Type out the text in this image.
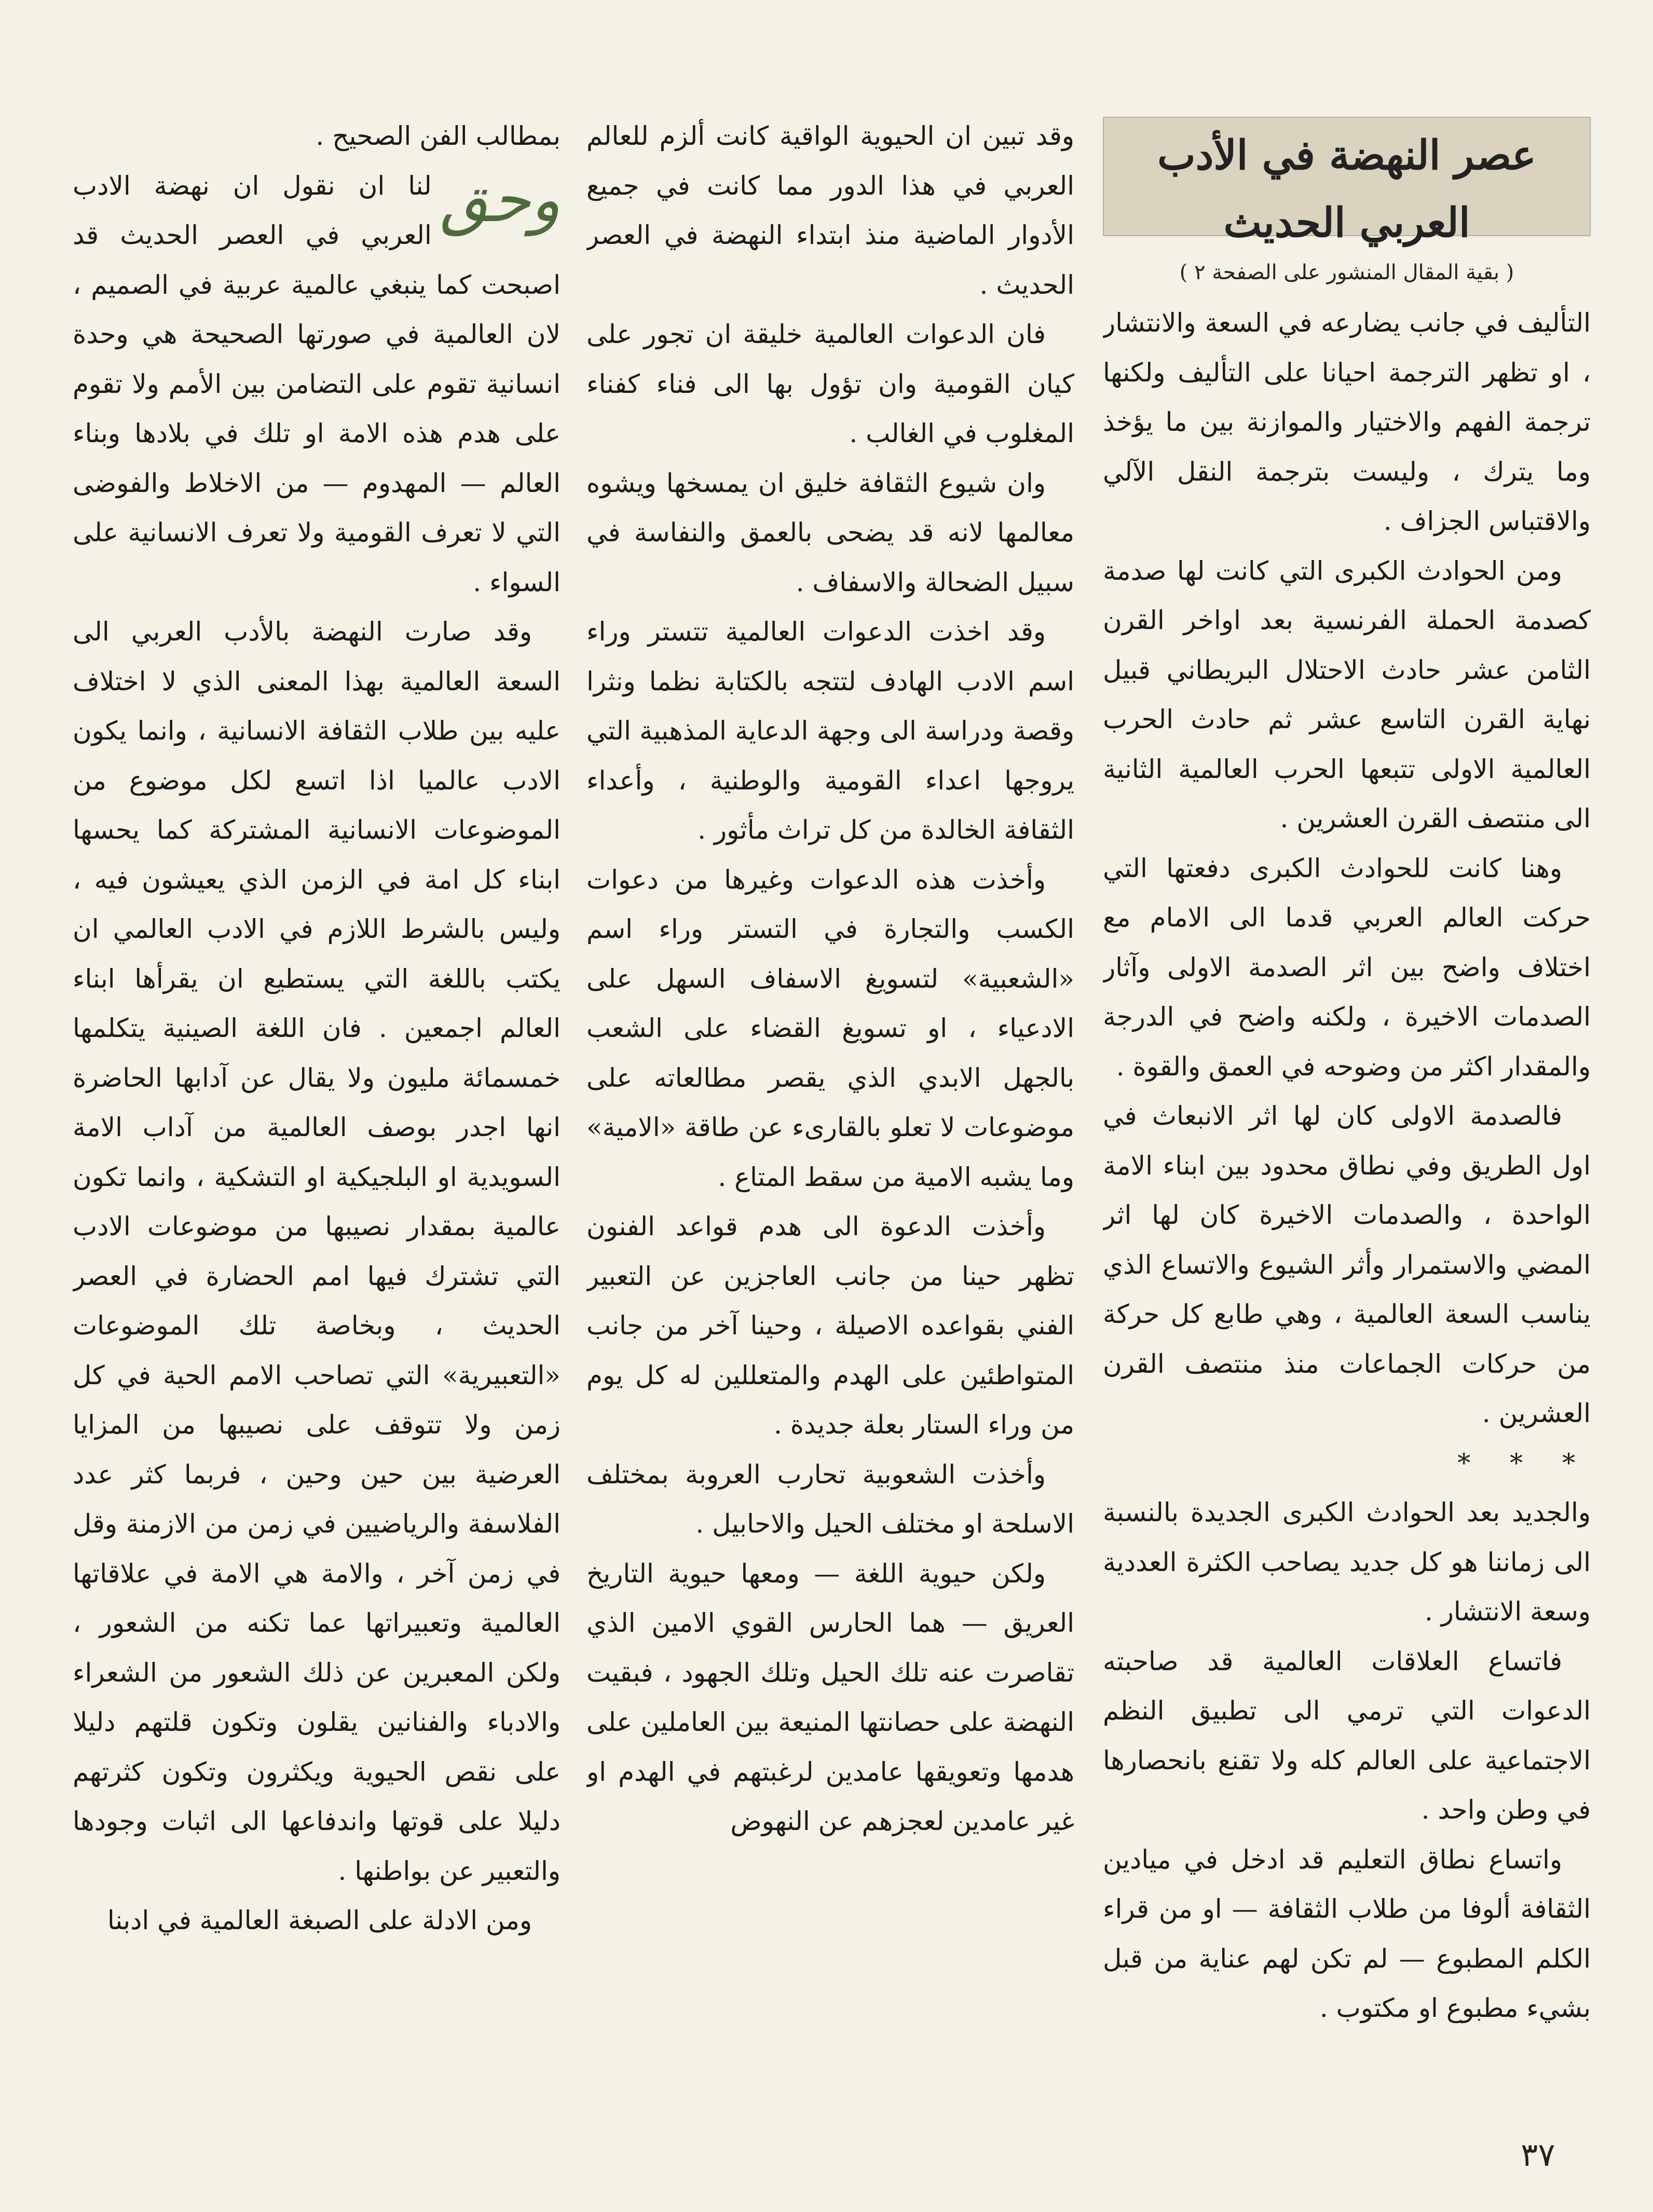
عصر النهضة في الأدب العربي الحديث
( بقية المقال المنشور على الصفحة ٢ )

التأليف في جانب يضارعه في السعة والانتشار ، او تظهر الترجمة احيانا على التأليف ولكنها ترجمة الفهم والاختيار والموازنة بين ما يؤخذ وما يترك ، وليست بترجمة النقل الآلي والاقتباس الجزاف .

ومن الحوادث الكبرى التي كانت لها صدمة كصدمة الحملة الفرنسية بعد اواخر القرن الثامن عشر حادث الاحتلال البريطاني قبيل نهاية القرن التاسع عشر ثم حادث الحرب العالمية الاولى تتبعها الحرب العالمية الثانية الى منتصف القرن العشرين .

وهنا كانت للحوادث الكبرى دفعتها التي حركت العالم العربي قدما الى الامام مع اختلاف واضح بين اثر الصدمة الاولى وآثار الصدمات الاخيرة ، ولكنه واضح في الدرجة والمقدار اكثر من وضوحه في العمق والقوة .

فالصدمة الاولى كان لها اثر الانبعاث في اول الطريق وفي نطاق محدود بين ابناء الامة الواحدة ، والصدمات الاخيرة كان لها اثر المضي والاستمرار وأثر الشيوع والاتساع الذي يناسب السعة العالمية ، وهي طابع كل حركة من حركات الجماعات منذ منتصف القرن العشرين .

* * *

والجديد بعد الحوادث الكبرى الجديدة بالنسبة الى زماننا هو كل جديد يصاحب الكثرة العددية وسعة الانتشار .

فاتساع العلاقات العالمية قد صاحبته الدعوات التي ترمي الى تطبيق النظم الاجتماعية على العالم كله ولا تقنع بانحصارها في وطن واحد .

واتساع نطاق التعليم قد ادخل في ميادين الثقافة ألوفا من طلاب الثقافة — او من قراء الكلم المطبوع — لم تكن لهم عناية من قبل بشيء مطبوع او مكتوب .

وقد تبين ان الحيوية الواقية كانت ألزم للعالم العربي في هذا الدور مما كانت في جميع الأدوار الماضية منذ ابتداء النهضة في العصر الحديث .

فان الدعوات العالمية خليقة ان تجور على كيان القومية وان تؤول بها الى فناء كفناء المغلوب في الغالب .

وان شيوع الثقافة خليق ان يمسخها ويشوه معالمها لانه قد يضحى بالعمق والنفاسة في سبيل الضحالة والاسفاف .

وقد اخذت الدعوات العالمية تتستر وراء اسم الادب الهادف لتتجه بالكتابة نظما ونثرا وقصة ودراسة الى وجهة الدعاية المذهبية التي يروجها اعداء القومية والوطنية ، وأعداء الثقافة الخالدة من كل تراث مأثور .

وأخذت هذه الدعوات وغيرها من دعوات الكسب والتجارة في التستر وراء اسم «الشعبية» لتسويغ الاسفاف السهل على الادعياء ، او تسويغ القضاء على الشعب بالجهل الابدي الذي يقصر مطالعاته على موضوعات لا تعلو بالقارىء عن طاقة «الامية» وما يشبه الامية من سقط المتاع .

وأخذت الدعوة الى هدم قواعد الفنون تظهر حينا من جانب العاجزين عن التعبير الفني بقواعده الاصيلة ، وحينا آخر من جانب المتواطئين على الهدم والمتعللين له كل يوم من وراء الستار بعلة جديدة .

وأخذت الشعوبية تحارب العروبة بمختلف الاسلحة او مختلف الحيل والاحابيل .

ولكن حيوية اللغة — ومعها حيوية التاريخ العريق — هما الحارس القوي الامين الذي تقاصرت عنه تلك الحيل وتلك الجهود ، فبقيت النهضة على حصانتها المنيعة بين العاملين على هدمها وتعويقها عامدين لرغبتهم في الهدم او غير عامدين لعجزهم عن النهوض

بمطالب الفن الصحيح .

وحق
لنا ان نقول ان نهضة الادب العربي في العصر الحديث قد اصبحت كما ينبغي عالمية عربية في الصميم ، لان العالمية في صورتها الصحيحة هي وحدة انسانية تقوم على التضامن بين الأمم ولا تقوم على هدم هذه الامة او تلك في بلادها وبناء العالم — المهدوم — من الاخلاط والفوضى التي لا تعرف القومية ولا تعرف الانسانية على السواء .

وقد صارت النهضة بالأدب العربي الى السعة العالمية بهذا المعنى الذي لا اختلاف عليه بين طلاب الثقافة الانسانية ، وانما يكون الادب عالميا اذا اتسع لكل موضوع من الموضوعات الانسانية المشتركة كما يحسها ابناء كل امة في الزمن الذي يعيشون فيه ، وليس بالشرط اللازم في الادب العالمي ان يكتب باللغة التي يستطيع ان يقرأها ابناء العالم اجمعين . فان اللغة الصينية يتكلمها خمسمائة مليون ولا يقال عن آدابها الحاضرة انها اجدر بوصف العالمية من آداب الامة السويدية او البلجيكية او التشكية ، وانما تكون عالمية بمقدار نصيبها من موضوعات الادب التي تشترك فيها امم الحضارة في العصر الحديث ، وبخاصة تلك الموضوعات «التعبيرية» التي تصاحب الامم الحية في كل زمن ولا تتوقف على نصيبها من المزايا العرضية بين حين وحين ، فربما كثر عدد الفلاسفة والرياضيين في زمن من الازمنة وقل في زمن آخر ، والامة هي الامة في علاقاتها العالمية وتعبيراتها عما تكنه من الشعور ، ولكن المعبرين عن ذلك الشعور من الشعراء والادباء والفنانين يقلون وتكون قلتهم دليلا على نقص الحيوية ويكثرون وتكون كثرتهم دليلا على قوتها واندفاعها الى اثبات وجودها والتعبير عن بواطنها .

ومن الادلة على الصبغة العالمية في ادبنا

٣٧
